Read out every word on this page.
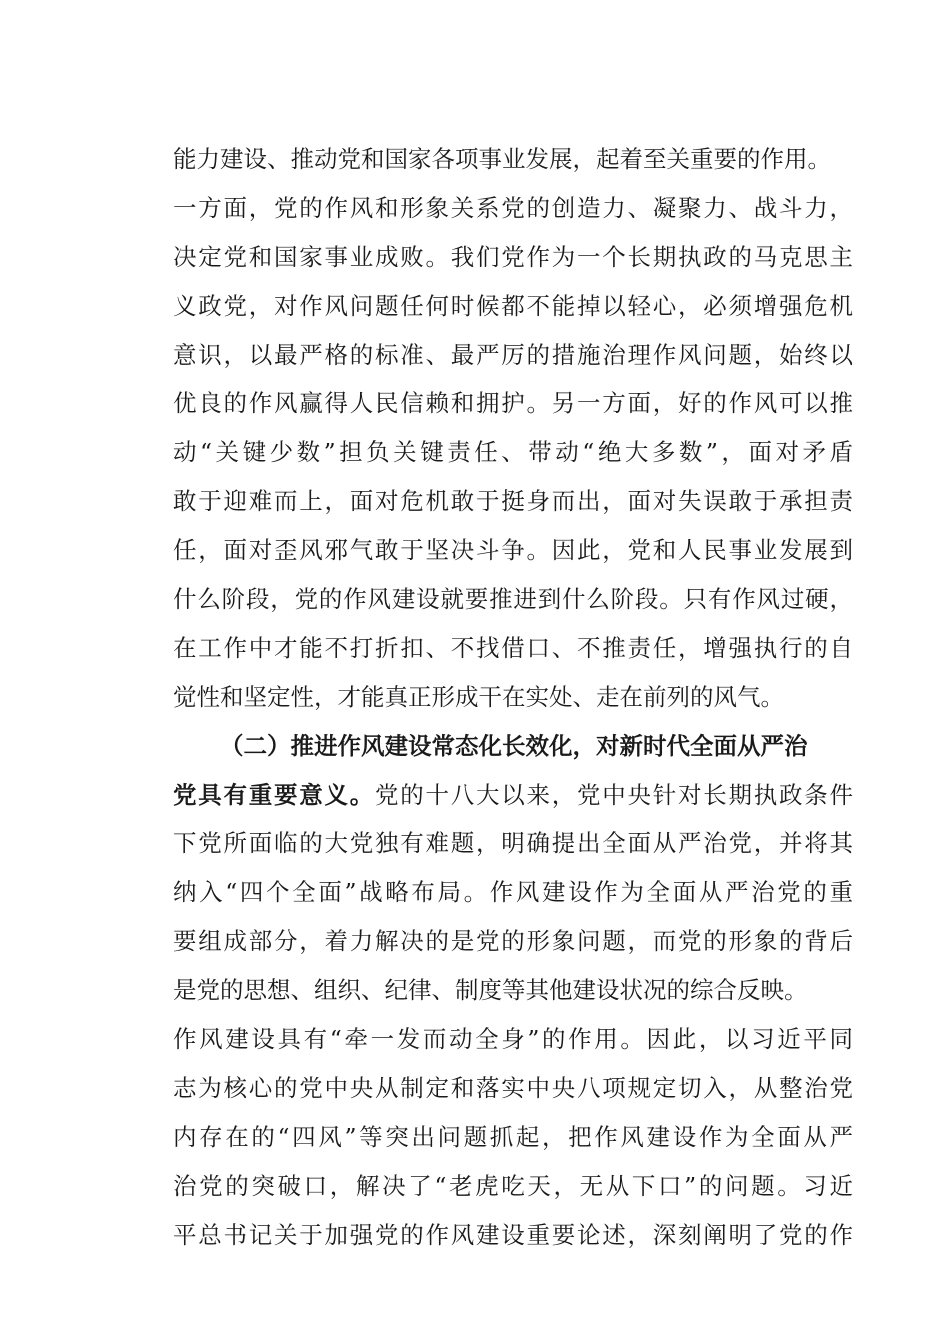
能力建设、推动党和国家各项事业发展，起着至关重要的作用。
一方面，党的作风和形象关系党的创造力、凝聚力、战斗力，
决定党和国家事业成败。我们党作为一个长期执政的马克思主
义政党，对作风问题任何时候都不能掉以轻心，必须增强危机
意识，以最严格的标准、最严厉的措施治理作风问题，始终以
优良的作风赢得人民信赖和拥护。另一方面，好的作风可以推
动“关键少数”担负关键责任、带动“绝大多数”，面对矛盾
敢于迎难而上，面对危机敢于挺身而出，面对失误敢于承担责
任，面对歪风邪气敢于坚决斗争。因此，党和人民事业发展到
什么阶段，党的作风建设就要推进到什么阶段。只有作风过硬，
在工作中才能不打折扣、不找借口、不推责任，增强执行的自
觉性和坚定性，才能真正形成干在实处、走在前列的风气。
（二）推进作风建设常态化长效化，对新时代全面从严治
党具有重要意义。党的十八大以来，党中央针对长期执政条件
下党所面临的大党独有难题，明确提出全面从严治党，并将其
纳入“四个全面”战略布局。作风建设作为全面从严治党的重
要组成部分，着力解决的是党的形象问题，而党的形象的背后
是党的思想、组织、纪律、制度等其他建设状况的综合反映。
作风建设具有“牵一发而动全身”的作用。因此，以习近平同
志为核心的党中央从制定和落实中央八项规定切入，从整治党
内存在的“四风”等突出问题抓起，把作风建设作为全面从严
治党的突破口，解决了“老虎吃天，无从下口”的问题。习近
平总书记关于加强党的作风建设重要论述，深刻阐明了党的作
